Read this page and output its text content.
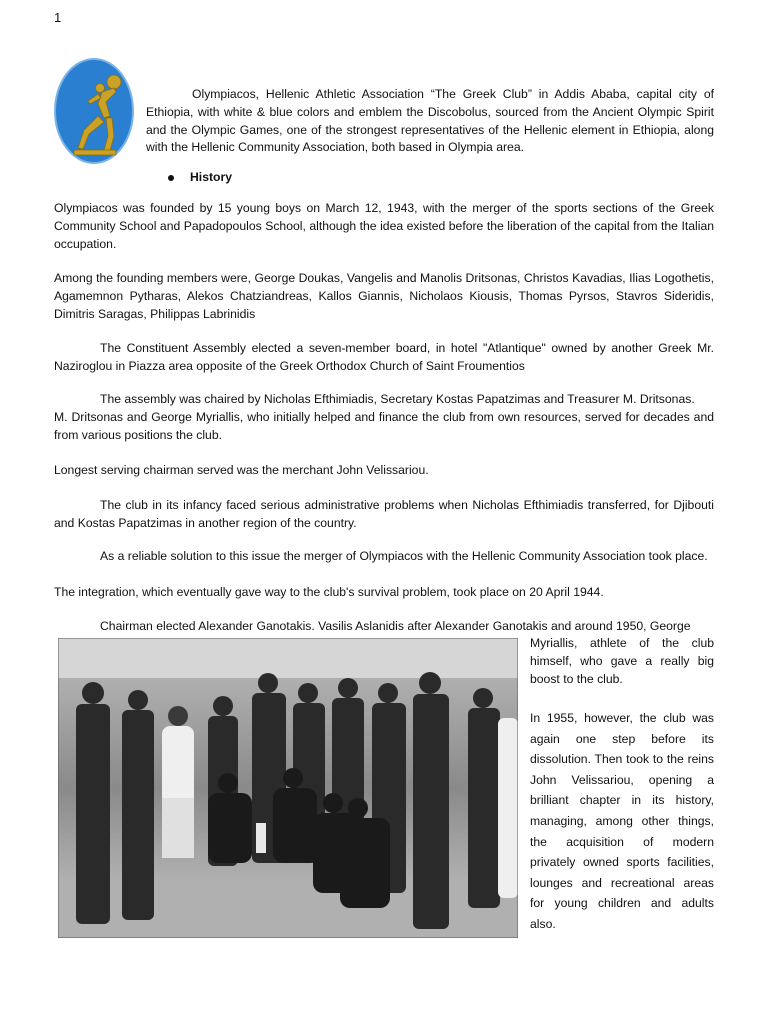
1

Olympiacos, Hellenic Athletic Association “The Greek Club” in Addis Ababa, capital city of Ethiopia, with white & blue colors and emblem the Discobolus, sourced from the Ancient Olympic Spirit and the Olympic Games, one of the strongest representatives of the Hellenic element in Ethiopia, along with the Hellenic Community Association, both based in Olympia area.

History

Olympiacos was founded by 15 young boys on March 12, 1943, with the merger of the sports sections of the Greek Community School and Papadopoulos School, although the idea existed before the liberation of the capital from the Italian occupation.

Among the founding members were, George Doukas, Vangelis and Manolis Dritsonas, Christos Kavadias, Ilias Logothetis, Agamemnon Pytharas, Alekos Chatziandreas, Kallos Giannis, Nicholaos Kiousis, Thomas Pyrsos, Stavros Sideridis, Dimitris Saragas, Philippas Labrinidis

The Constituent Assembly elected a seven-member board, in hotel "Atlantique" owned by another Greek Mr. Naziroglou in Piazza area opposite of the Greek Orthodox Church of Saint Froumentios

The assembly was chaired by Nicholas Efthimiadis, Secretary Kostas Papatzimas and Treasurer M. Dritsonas.

M. Dritsonas and George Myriallis, who initially helped and finance the club from own resources, served for decades and from various positions the club.

Longest serving chairman served was the merchant John Velissariou.

The club in its infancy faced serious administrative problems when Nicholas Efthimiadis transferred, for Djibouti and Kostas Papatzimas in another region of the country.

As a reliable solution to this issue the merger of Olympiacos with the Hellenic Community Association took place.

The integration, which eventually gave way to the club's survival problem, took place on 20 April 1944.

Chairman elected Alexander Ganotakis. Vasilis Aslanidis after Alexander Ganotakis and around 1950, George

Myriallis, athlete of the club himself, who gave a really big boost to the club.

In 1955, however, the club was again one step before its dissolution. Then took to the reins John Velissariou, opening a brilliant chapter in its history, managing, among other things, the acquisition of modern privately owned sports facilities, lounges and recreational areas for young children and adults also.
